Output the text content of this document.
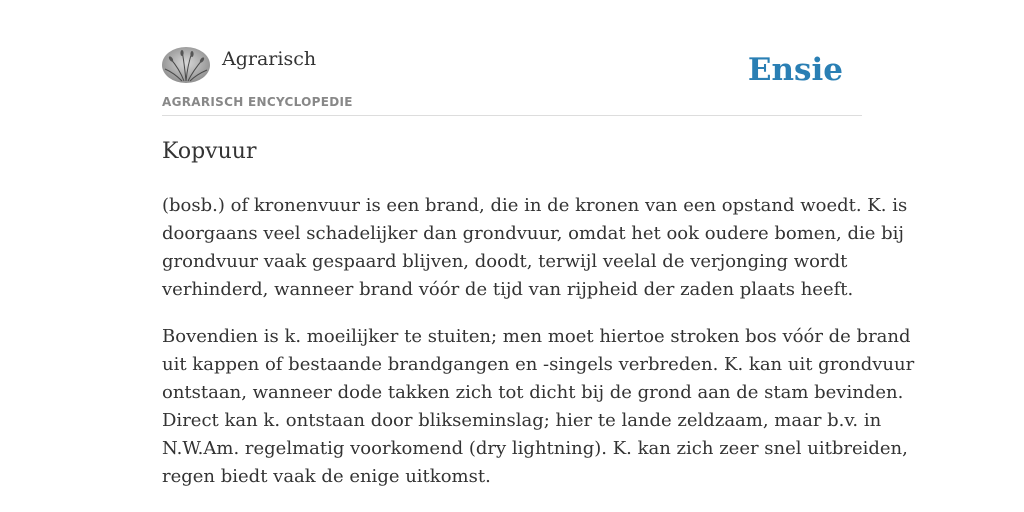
Agrarisch
AGRARISCH ENCYCLOPEDIE
Ensie
Kopvuur

(bosb.) of kronenvuur is een brand, die in de kronen van een opstand woedt. K. is
doorgaans veel schadelijker dan grondvuur, omdat het ook oudere bomen, die bij
grondvuur vaak gespaard blijven, doodt, terwijl veelal de verjonging wordt
verhinderd, wanneer brand vóór de tijd van rijpheid der zaden plaats heeft.

Bovendien is k. moeilijker te stuiten; men moet hiertoe stroken bos vóór de brand
uit kappen of bestaande brandgangen en -singels verbreden. K. kan uit grondvuur
ontstaan, wanneer dode takken zich tot dicht bij de grond aan de stam bevinden.
Direct kan k. ontstaan door blikseminslag; hier te lande zeldzaam, maar b.v. in
N.W.Am. regelmatig voorkomend (dry lightning). K. kan zich zeer snel uitbreiden,
regen biedt vaak de enige uitkomst.
